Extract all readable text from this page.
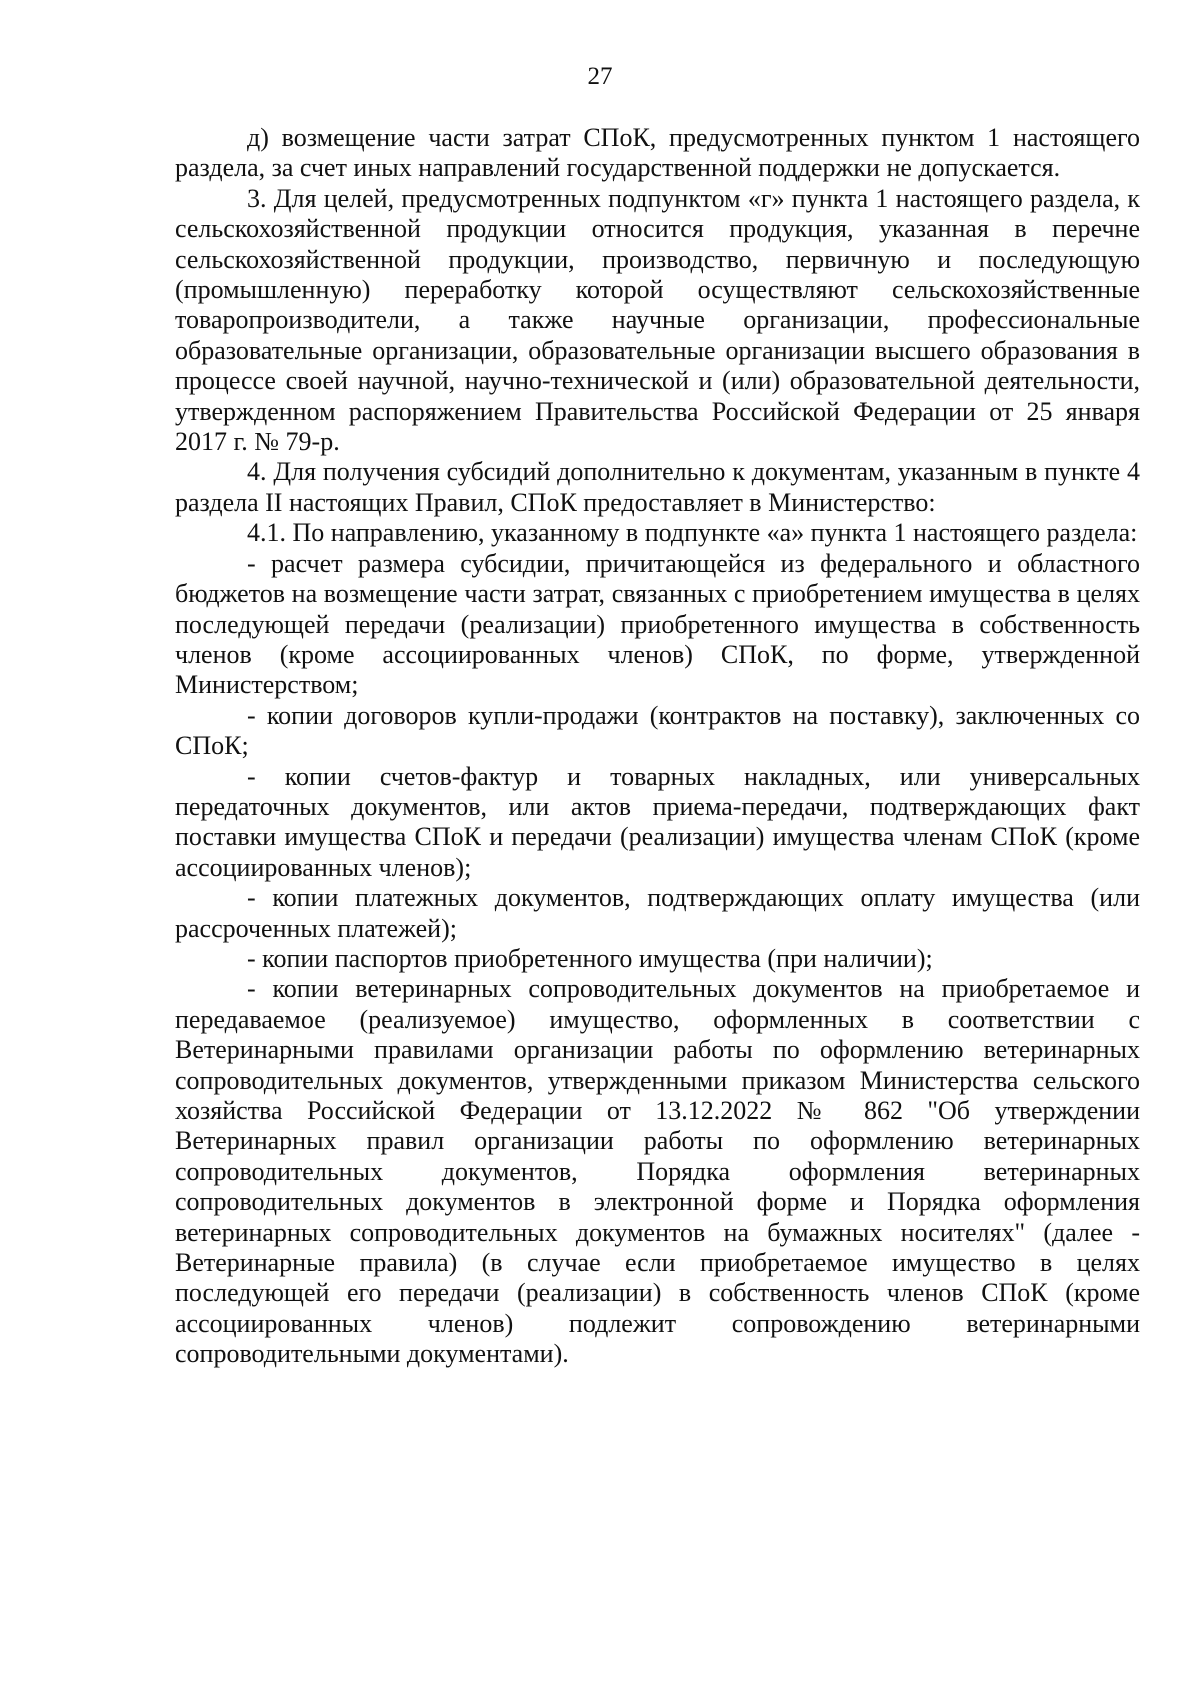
27

д) возмещение части затрат СПоК, предусмотренных пунктом 1 настоящего раздела, за счет иных направлений государственной поддержки не допускается.

3. Для целей, предусмотренных подпунктом «г» пункта 1 настоящего раздела, к сельскохозяйственной продукции относится продукция, указанная в перечне сельскохозяйственной продукции, производство, первичную и последующую (промышленную) переработку которой осуществляют сельскохозяйственные товаропроизводители, а также научные организации, профессиональные образовательные организации, образовательные организации высшего образования в процессе своей научной, научно-технической и (или) образовательной деятельности, утвержденном распоряжением Правительства Российской Федерации от 25 января 2017 г. № 79-р.

4. Для получения субсидий дополнительно к документам, указанным в пункте 4 раздела II настоящих Правил, СПоК предоставляет в Министерство:

4.1. По направлению, указанному в подпункте «а» пункта 1 настоящего раздела:

- расчет размера субсидии, причитающейся из федерального и областного бюджетов на возмещение части затрат, связанных с приобретением имущества в целях последующей передачи (реализации) приобретенного имущества в собственность членов (кроме ассоциированных членов) СПоК, по форме, утвержденной Министерством;

- копии договоров купли-продажи (контрактов на поставку), заключенных со СПоК;

- копии счетов-фактур и товарных накладных, или универсальных передаточных документов, или актов приема-передачи, подтверждающих факт поставки имущества СПоК и передачи (реализации) имущества членам СПоК (кроме ассоциированных членов);

- копии платежных документов, подтверждающих оплату имущества (или рассроченных платежей);

- копии паспортов приобретенного имущества (при наличии);

- копии ветеринарных сопроводительных документов на приобретаемое и передаваемое (реализуемое) имущество, оформленных в соответствии с Ветеринарными правилами организации работы по оформлению ветеринарных сопроводительных документов, утвержденными приказом Министерства сельского хозяйства Российской Федерации от 13.12.2022 № 862 "Об утверждении Ветеринарных правил организации работы по оформлению ветеринарных сопроводительных документов, Порядка оформления ветеринарных сопроводительных документов в электронной форме и Порядка оформления ветеринарных сопроводительных документов на бумажных носителях" (далее - Ветеринарные правила) (в случае если приобретаемое имущество в целях последующей его передачи (реализации) в собственность членов СПоК (кроме ассоциированных членов) подлежит сопровождению ветеринарными сопроводительными документами).
